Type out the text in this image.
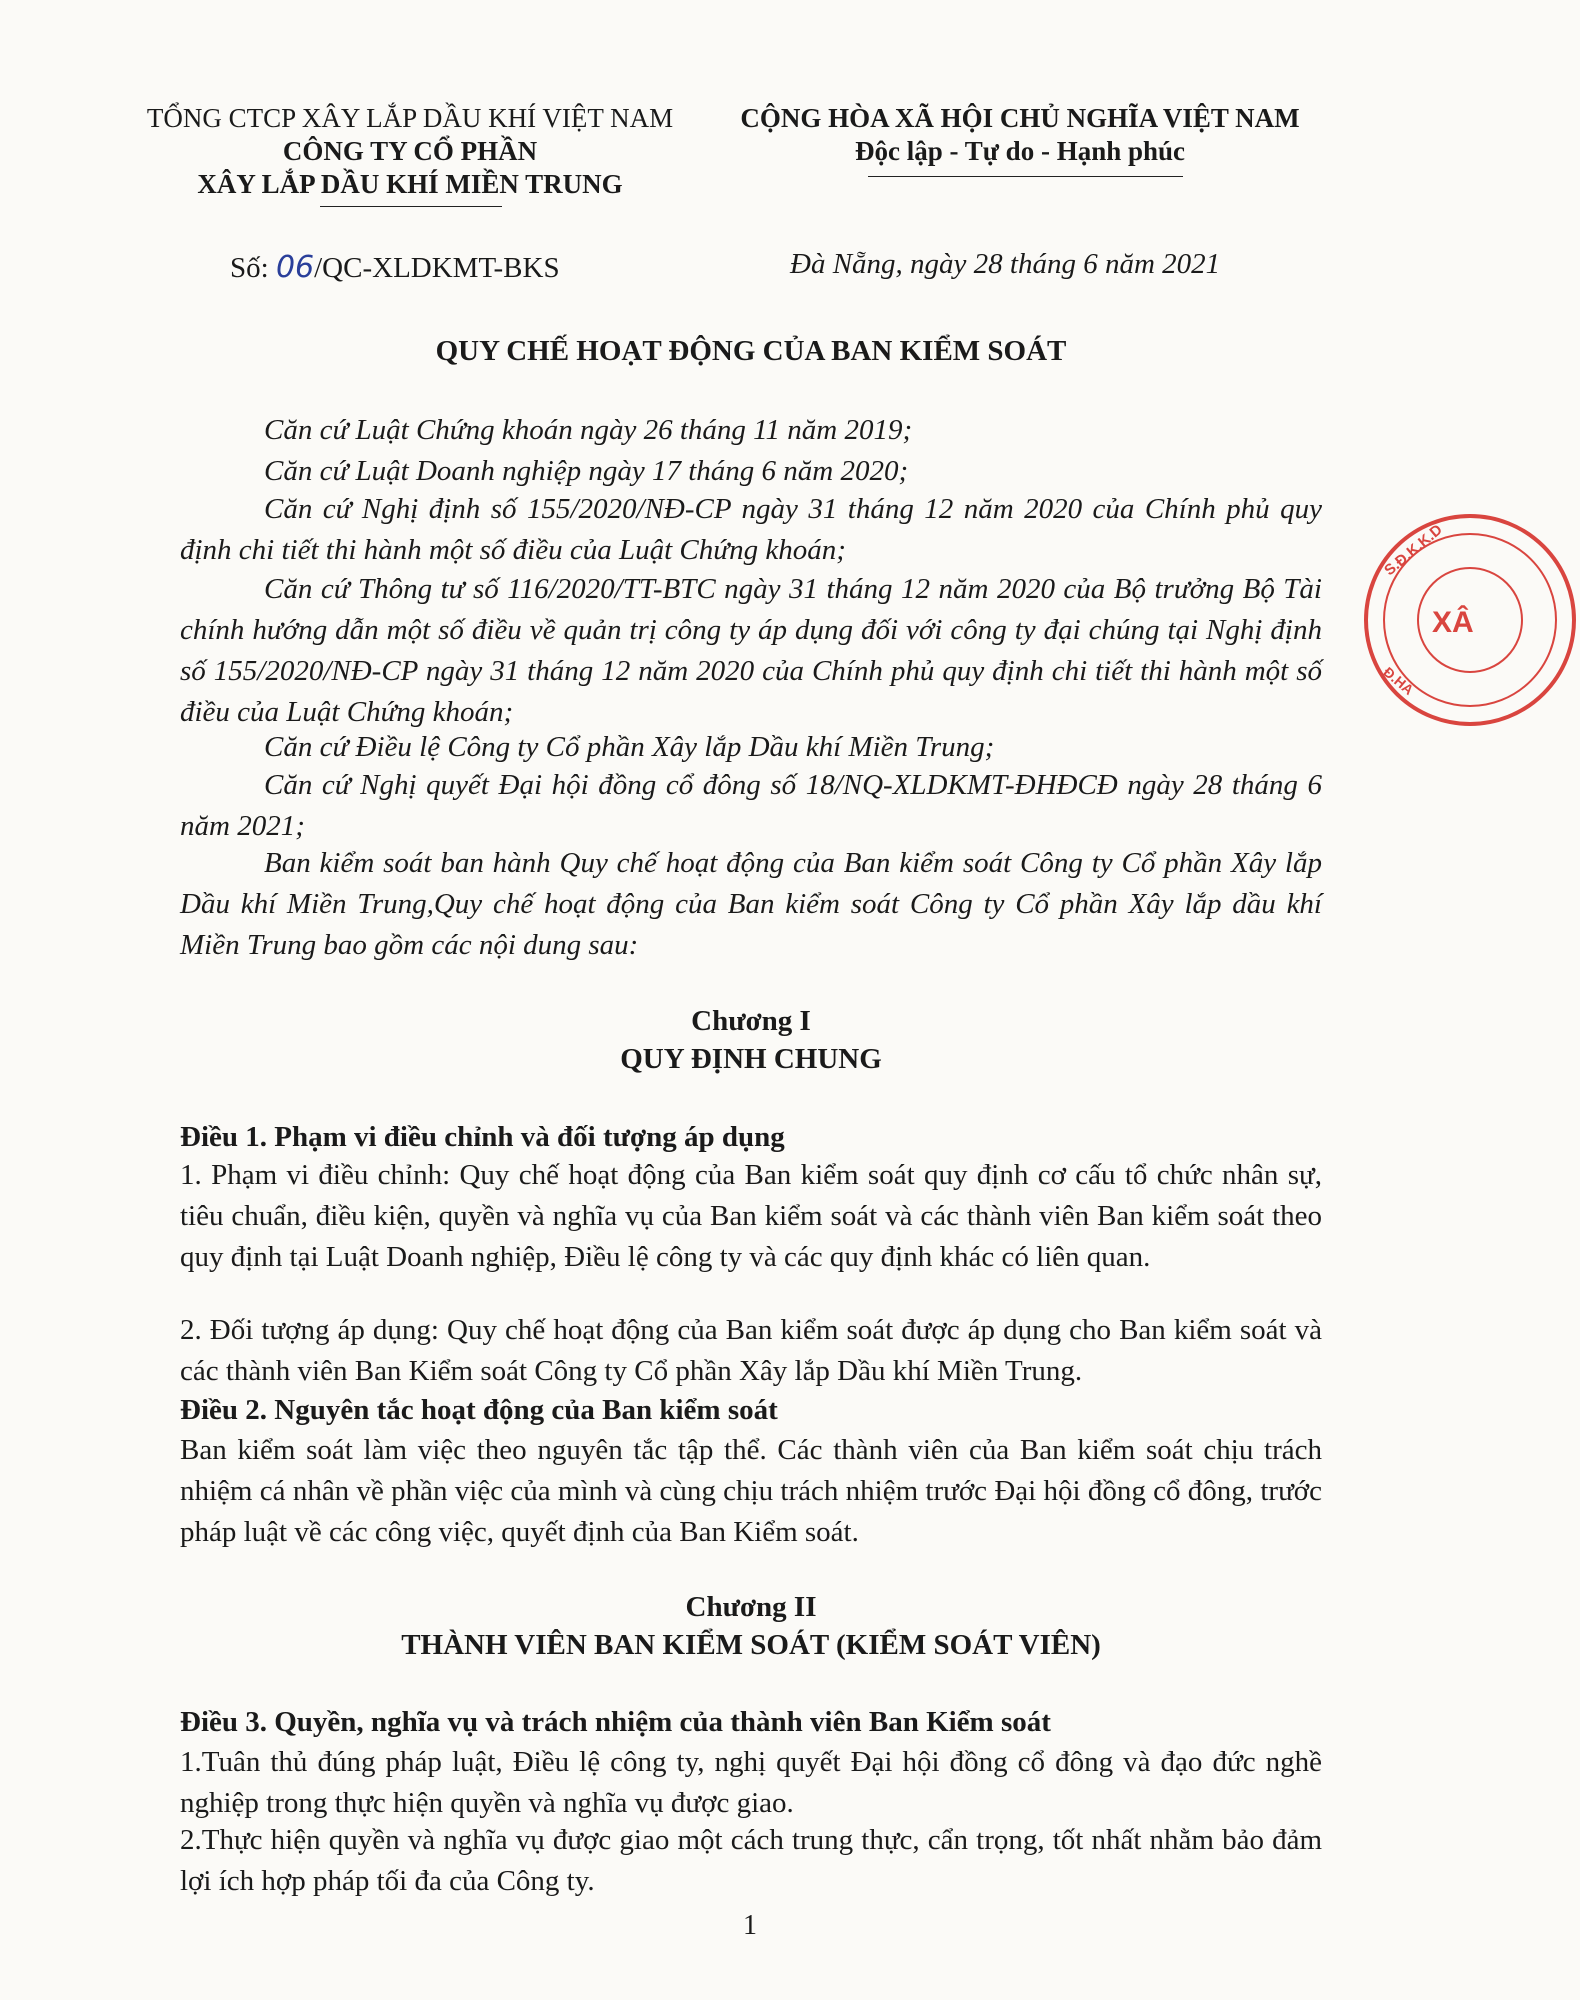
TỔNG CTCP XÂY LẮP DẦU KHÍ VIỆT NAM
CÔNG TY CỔ PHẦN
XÂY LẮP DẦU KHÍ MIỀN TRUNG
CỘNG HÒA XÃ HỘI CHỦ NGHĨA VIỆT NAM
Độc lập - Tự do - Hạnh phúc
Số: 06/QC-XLDKMT-BKS	Đà Nẵng, ngày 28 tháng 6 năm 2021
QUY CHẾ HOẠT ĐỘNG CỦA BAN KIỂM SOÁT
Căn cứ Luật Chứng khoán ngày 26 tháng 11 năm 2019;
Căn cứ Luật Doanh nghiệp ngày 17 tháng 6 năm 2020;
Căn cứ Nghị định số 155/2020/NĐ-CP ngày 31 tháng 12 năm 2020 của Chính phủ quy định chi tiết thi hành một số điều của Luật Chứng khoán;
Căn cứ Thông tư số 116/2020/TT-BTC ngày 31 tháng 12 năm 2020 của Bộ trưởng Bộ Tài chính hướng dẫn một số điều về quản trị công ty áp dụng đối với công ty đại chúng tại Nghị định số 155/2020/NĐ-CP ngày 31 tháng 12 năm 2020 của Chính phủ quy định chi tiết thi hành một số điều của Luật Chứng khoán;
Căn cứ Điều lệ Công ty Cổ phần Xây lắp Dầu khí Miền Trung;
Căn cứ Nghị quyết Đại hội đồng cổ đông số 18/NQ-XLDKMT-ĐHĐCĐ ngày 28 tháng 6 năm 2021;
Ban kiểm soát ban hành Quy chế hoạt động của Ban kiểm soát Công ty Cổ phần Xây lắp Dầu khí Miền Trung,Quy chế hoạt động của Ban kiểm soát Công ty Cổ phần Xây lắp dầu khí Miền Trung bao gồm các nội dung sau:
Chương I
QUY ĐỊNH CHUNG
Điều 1. Phạm vi điều chỉnh và đối tượng áp dụng
1. Phạm vi điều chỉnh: Quy chế hoạt động của Ban kiểm soát quy định cơ cấu tổ chức nhân sự, tiêu chuẩn, điều kiện, quyền và nghĩa vụ của Ban kiểm soát và các thành viên Ban kiểm soát theo quy định tại Luật Doanh nghiệp, Điều lệ công ty và các quy định khác có liên quan.
2. Đối tượng áp dụng: Quy chế hoạt động của Ban kiểm soát được áp dụng cho Ban kiểm soát và các thành viên Ban Kiểm soát Công ty Cổ phần Xây lắp Dầu khí Miền Trung.
Điều 2. Nguyên tắc hoạt động của Ban kiểm soát
Ban kiểm soát làm việc theo nguyên tắc tập thể. Các thành viên của Ban kiểm soát chịu trách nhiệm cá nhân về phần việc của mình và cùng chịu trách nhiệm trước Đại hội đồng cổ đông, trước pháp luật về các công việc, quyết định của Ban Kiểm soát.
Chương II
THÀNH VIÊN BAN KIỂM SOÁT (KIỂM SOÁT VIÊN)
Điều 3. Quyền, nghĩa vụ và trách nhiệm của thành viên Ban Kiểm soát
1.Tuân thủ đúng pháp luật, Điều lệ công ty, nghị quyết Đại hội đồng cổ đông và đạo đức nghề nghiệp trong thực hiện quyền và nghĩa vụ được giao.
2.Thực hiện quyền và nghĩa vụ được giao một cách trung thực, cẩn trọng, tốt nhất nhằm bảo đảm lợi ích hợp pháp tối đa của Công ty.
1
S.Đ.K.K.D
XÂ
Đ.HA
